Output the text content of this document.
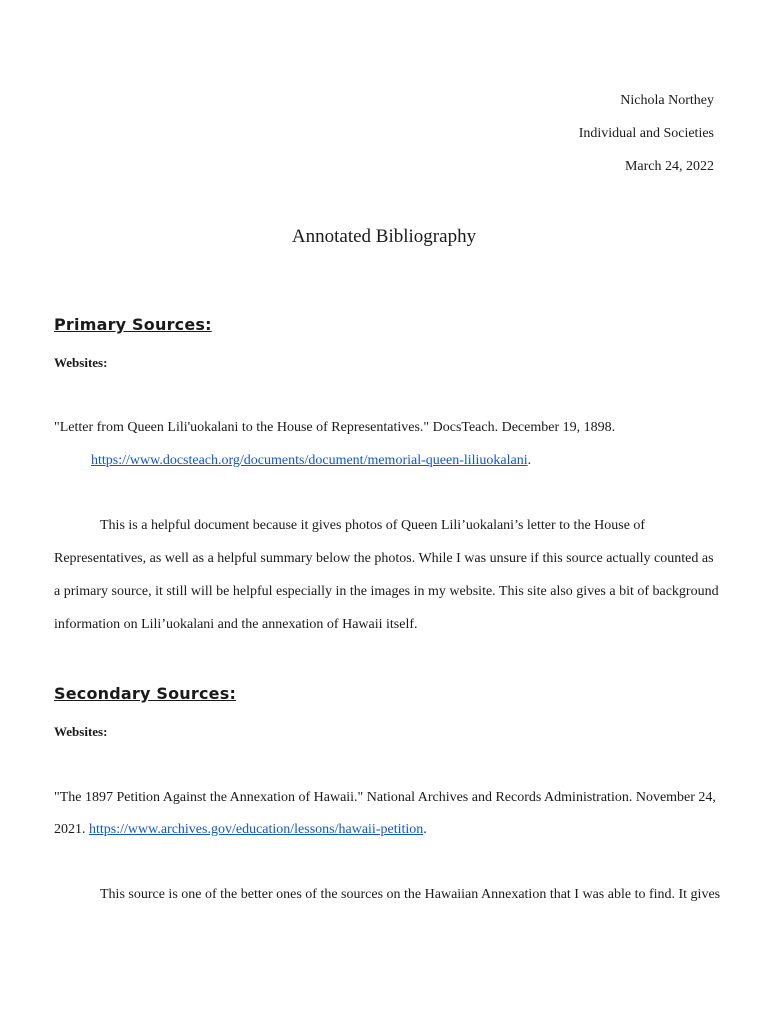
Nichola Northey
Individual and Societies
March 24, 2022
Annotated Bibliography
Primary Sources:
Websites:
"Letter from Queen Lili'uokalani to the House of Representatives." DocsTeach. December 19, 1898.
https://www.docsteach.org/documents/document/memorial-queen-liliuokalani.
This is a helpful document because it gives photos of Queen Lili’uokalani’s letter to the House of
Representatives, as well as a helpful summary below the photos. While I was unsure if this source actually counted as
a primary source, it still will be helpful especially in the images in my website. This site also gives a bit of background
information on Lili’uokalani and the annexation of Hawaii itself.
Secondary Sources:
Websites:
"The 1897 Petition Against the Annexation of Hawaii." National Archives and Records Administration. November 24,
2021. https://www.archives.gov/education/lessons/hawaii-petition.
This source is one of the better ones of the sources on the Hawaiian Annexation that I was able to find. It gives
